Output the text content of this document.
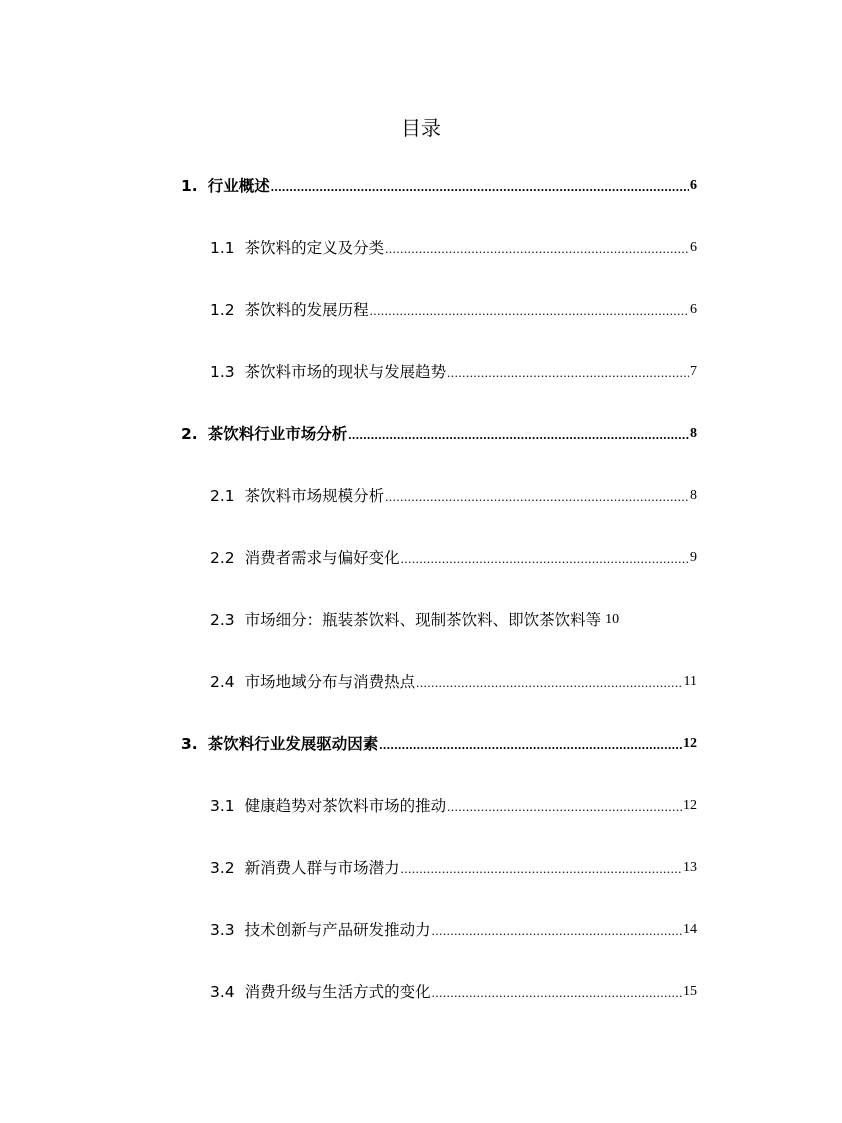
目录
1. 行业概述 .....	6
1.1 茶饮料的定义及分类 .....	6
1.2 茶饮料的发展历程 .....	6
1.3 茶饮料市场的现状与发展趋势 .....	7
2. 茶饮料行业市场分析 .....	8
2.1 茶饮料市场规模分析 .....	8
2.2 消费者需求与偏好变化 .....	9
2.3 市场细分：瓶装茶饮料、现制茶饮料、即饮茶饮料等 10
2.4 市场地域分布与消费热点 .....	11
3. 茶饮料行业发展驱动因素 .....	12
3.1 健康趋势对茶饮料市场的推动 .....	12
3.2 新消费人群与市场潜力 .....	13
3.3 技术创新与产品研发推动力 .....	14
3.4 消费升级与生活方式的变化 .....	15
